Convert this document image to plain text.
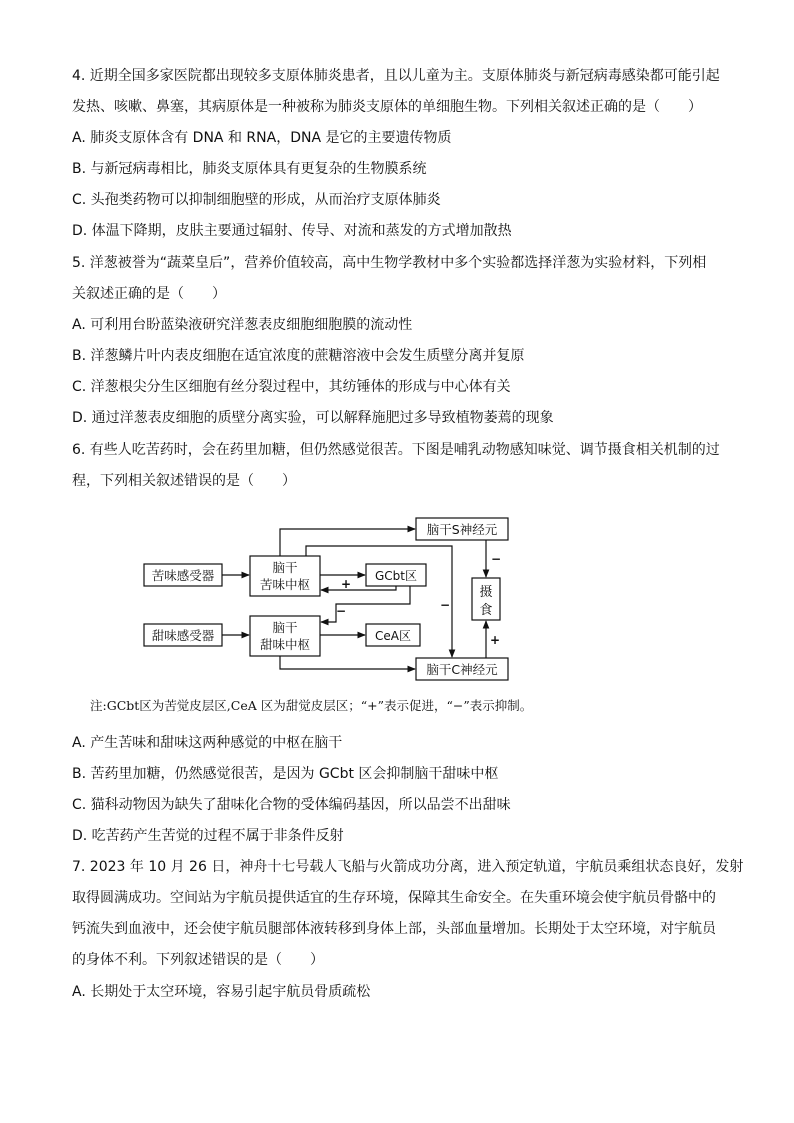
4. 近期全国多家医院都出现较多支原体肺炎患者，且以儿童为主。支原体肺炎与新冠病毒感染都可能引起
发热、咳嗽、鼻塞，其病原体是一种被称为肺炎支原体的单细胞生物。下列相关叙述正确的是（　　）
A. 肺炎支原体含有 DNA 和 RNA，DNA 是它的主要遗传物质
B. 与新冠病毒相比，肺炎支原体具有更复杂的生物膜系统
C. 头孢类药物可以抑制细胞壁的形成，从而治疗支原体肺炎
D. 体温下降期，皮肤主要通过辐射、传导、对流和蒸发的方式增加散热
5. 洋葱被誉为“蔬菜皇后”，营养价值较高，高中生物学教材中多个实验都选择洋葱为实验材料，下列相
关叙述正确的是（　　）
A. 可利用台盼蓝染液研究洋葱表皮细胞细胞膜的流动性
B. 洋葱鳞片叶内表皮细胞在适宜浓度的蔗糖溶液中会发生质壁分离并复原
C. 洋葱根尖分生区细胞有丝分裂过程中，其纺锤体的形成与中心体有关
D. 通过洋葱表皮细胞的质壁分离实验，可以解释施肥过多导致植物萎蔫的现象
6. 有些人吃苦药时，会在药里加糖，但仍然感觉很苦。下图是哺乳动物感知味觉、调节摄食相关机制的过
程，下列相关叙述错误的是（　　）
苦味感受器
脑干
苦味中枢
GCbt区
甜味感受器
脑干
甜味中枢
CeA区
脑干S神经元
脑干C神经元
摄
食
+
−	−
−
+
注:GCbt区为苦觉皮层区,CeA 区为甜觉皮层区；“+”表示促进，“−”表示抑制。
A. 产生苦味和甜味这两种感觉的中枢在脑干
B. 苦药里加糖，仍然感觉很苦，是因为 GCbt 区会抑制脑干甜味中枢
C. 猫科动物因为缺失了甜味化合物的受体编码基因，所以品尝不出甜味
D. 吃苦药产生苦觉的过程不属于非条件反射
7. 2023 年 10 月 26 日，神舟十七号载人飞船与火箭成功分离，进入预定轨道，宇航员乘组状态良好，发射
取得圆满成功。空间站为宇航员提供适宜的生存环境，保障其生命安全。在失重环境会使宇航员骨骼中的
钙流失到血液中，还会使宇航员腿部体液转移到身体上部，头部血量增加。长期处于太空环境，对宇航员
的身体不利。下列叙述错误的是（　　）
A. 长期处于太空环境，容易引起宇航员骨质疏松
